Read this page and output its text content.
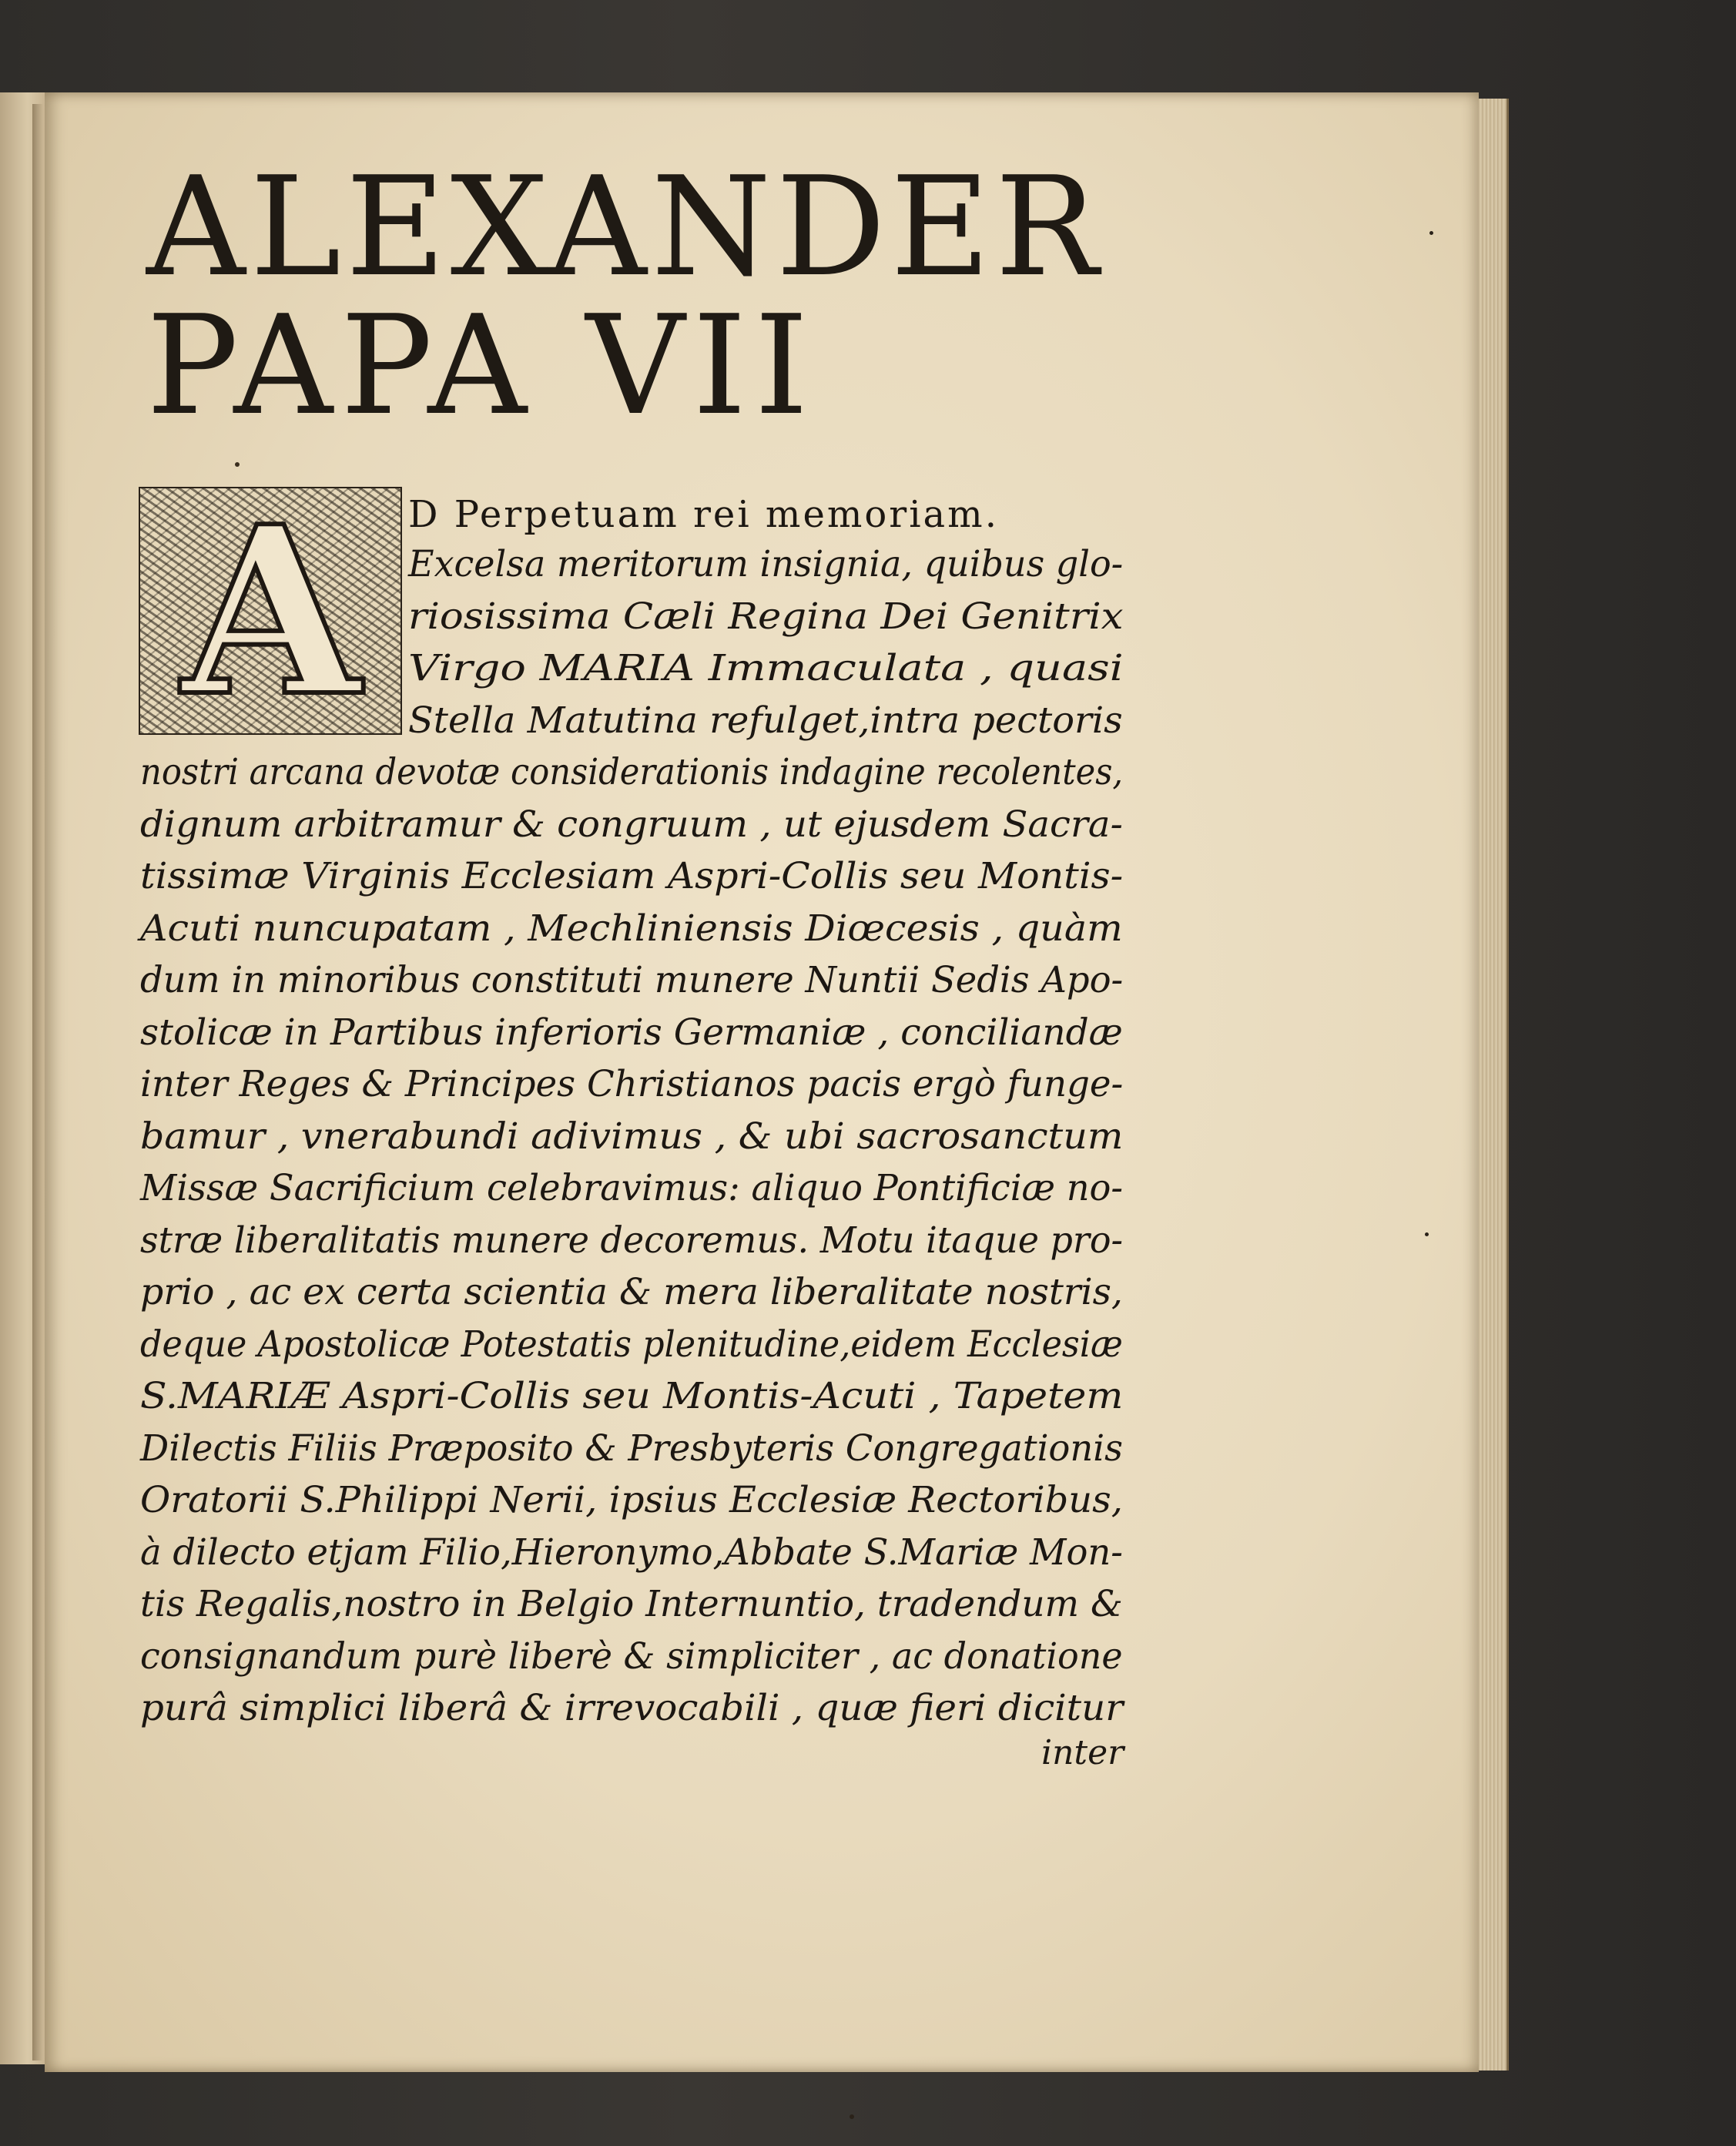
ALEXANDER
PAPA VII
A D Perpetuam rei memoriam.
Excelsa meritorum insignia, quibus glo-
riosissima Cæli Regina Dei Genitrix
Virgo MARIA Immaculata , quasi
Stella Matutina refulget,intra pectoris
nostri arcana devotæ considerationis indagine recolentes,
dignum arbitramur & congruum , ut ejusdem Sacra-
tissimæ Virginis Ecclesiam Aspri-Collis seu Montis-
Acuti nuncupatam , Mechliniensis Diœcesis , quàm
dum in minoribus constituti munere Nuntii Sedis Apo-
stolicæ in Partibus inferioris Germaniæ , conciliandæ
inter Reges & Principes Christianos pacis ergò funge-
bamur , vnerabundi adivimus , & ubi sacrosanctum
Missæ Sacrificium celebravimus: aliquo Pontificiæ no-
stræ liberalitatis munere decoremus. Motu itaque pro-
prio , ac ex certa scientia & mera liberalitate nostris,
deque Apostolicæ Potestatis plenitudine,eidem Ecclesiæ
S.MARIÆ Aspri-Collis seu Montis-Acuti , Tapetem
Dilectis Filiis Præposito & Presbyteris Congregationis
Oratorii S.Philippi Nerii, ipsius Ecclesiæ Rectoribus,
à dilecto etjam Filio,Hieronymo,Abbate S.Mariæ Mon-
tis Regalis,nostro in Belgio Internuntio, tradendum &
consignandum purè liberè & simpliciter , ac donatione
purâ simplici liberâ & irrevocabili , quæ fieri dicitur
inter
